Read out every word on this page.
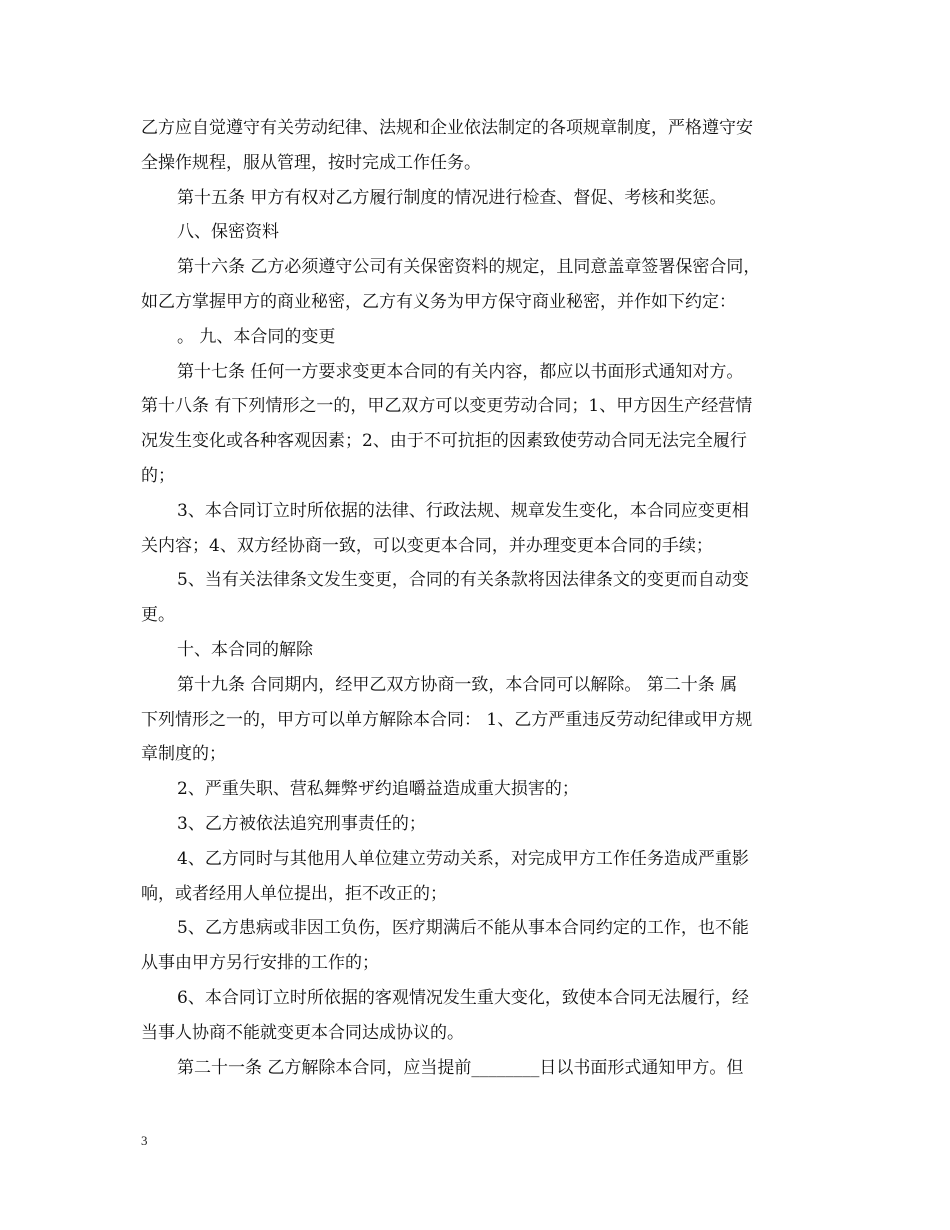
乙方应自觉遵守有关劳动纪律、法规和企业依法制定的各项规章制度，严格遵守安

全操作规程，服从管理，按时完成工作任务。

第十五条 甲方有权对乙方履行制度的情况进行检查、督促、考核和奖惩。

八、保密资料

第十六条 乙方必须遵守公司有关保密资料的规定，且同意盖章签署保密合同，

如乙方掌握甲方的商业秘密，乙方有义务为甲方保守商业秘密，并作如下约定：

。 九、本合同的变更

第十七条 任何一方要求变更本合同的有关内容，都应以书面形式通知对方。

第十八条 有下列情形之一的，甲乙双方可以变更劳动合同；1、甲方因生产经营情

况发生变化或各种客观因素；2、由于不可抗拒的因素致使劳动合同无法完全履行

的；

3、本合同订立时所依据的法律、行政法规、规章发生变化，本合同应变更相

关内容；4、双方经协商一致，可以变更本合同，并办理变更本合同的手续；

5、当有关法律条文发生变更，合同的有关条款将因法律条文的变更而自动变

更。

十、本合同的解除

第十九条 合同期内，经甲乙双方协商一致，本合同可以解除。 第二十条 属

下列情形之一的，甲方可以单方解除本合同： 1、乙方严重违反劳动纪律或甲方规

章制度的；

2、严重失职、营私舞弊ザ约追嚼益造成重大损害的；

3、乙方被依法追究刑事责任的；

4、乙方同时与其他用人单位建立劳动关系，对完成甲方工作任务造成严重影

响，或者经用人单位提出，拒不改正的；

5、乙方患病或非因工负伤，医疗期满后不能从事本合同约定的工作，也不能

从事由甲方另行安排的工作的；

6、本合同订立时所依据的客观情况发生重大变化，致使本合同无法履行，经

当事人协商不能就变更本合同达成协议的。

第二十一条 乙方解除本合同，应当提前________日以书面形式通知甲方。但

3
